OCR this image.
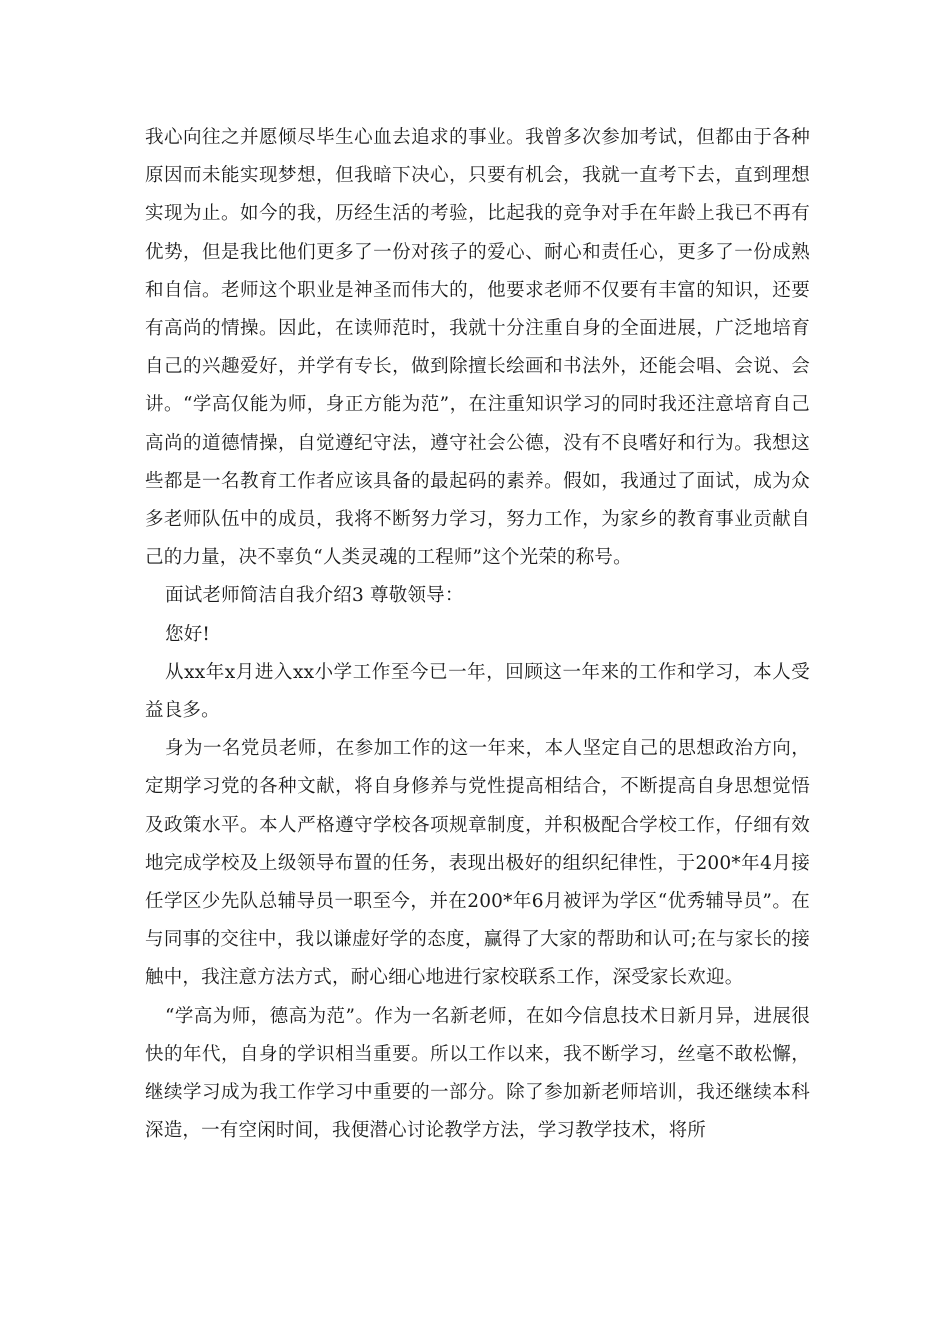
我心向往之并愿倾尽毕生心血去追求的事业。我曾多次参加考试，但都由于各种原因而未能实现梦想，但我暗下决心，只要有机会，我就一直考下去，直到理想实现为止。如今的我，历经生活的考验，比起我的竞争对手在年龄上我已不再有优势，但是我比他们更多了一份对孩子的爱心、耐心和责任心，更多了一份成熟和自信。老师这个职业是神圣而伟大的，他要求老师不仅要有丰富的知识，还要有高尚的情操。因此，在读师范时，我就十分注重自身的全面进展，广泛地培育自己的兴趣爱好，并学有专长，做到除擅长绘画和书法外，还能会唱、会说、会讲。“学高仅能为师，身正方能为范”，在注重知识学习的同时我还注意培育自己高尚的道德情操，自觉遵纪守法，遵守社会公德，没有不良嗜好和行为。我想这些都是一名教育工作者应该具备的最起码的素养。假如，我通过了面试，成为众多老师队伍中的成员，我将不断努力学习，努力工作，为家乡的教育事业贡献自己的力量，决不辜负“人类灵魂的工程师”这个光荣的称号。

面试老师简洁自我介绍3 尊敬领导：

您好!

从xx年x月进入xx小学工作至今已一年，回顾这一年来的工作和学习，本人受益良多。

身为一名党员老师，在参加工作的这一年来，本人坚定自己的思想政治方向，定期学习党的各种文献，将自身修养与党性提高相结合，不断提高自身思想觉悟及政策水平。本人严格遵守学校各项规章制度，并积极配合学校工作，仔细有效地完成学校及上级领导布置的任务，表现出极好的组织纪律性，于200*年4月接任学区少先队总辅导员一职至今，并在200*年6月被评为学区“优秀辅导员”。在与同事的交往中，我以谦虚好学的态度，赢得了大家的帮助和认可;在与家长的接触中，我注意方法方式，耐心细心地进行家校联系工作，深受家长欢迎。

“学高为师，德高为范”。作为一名新老师，在如今信息技术日新月异，进展很快的年代，自身的学识相当重要。所以工作以来，我不断学习，丝毫不敢松懈，继续学习成为我工作学习中重要的一部分。除了参加新老师培训，我还继续本科深造，一有空闲时间，我便潜心讨论教学方法，学习教学技术，将所
